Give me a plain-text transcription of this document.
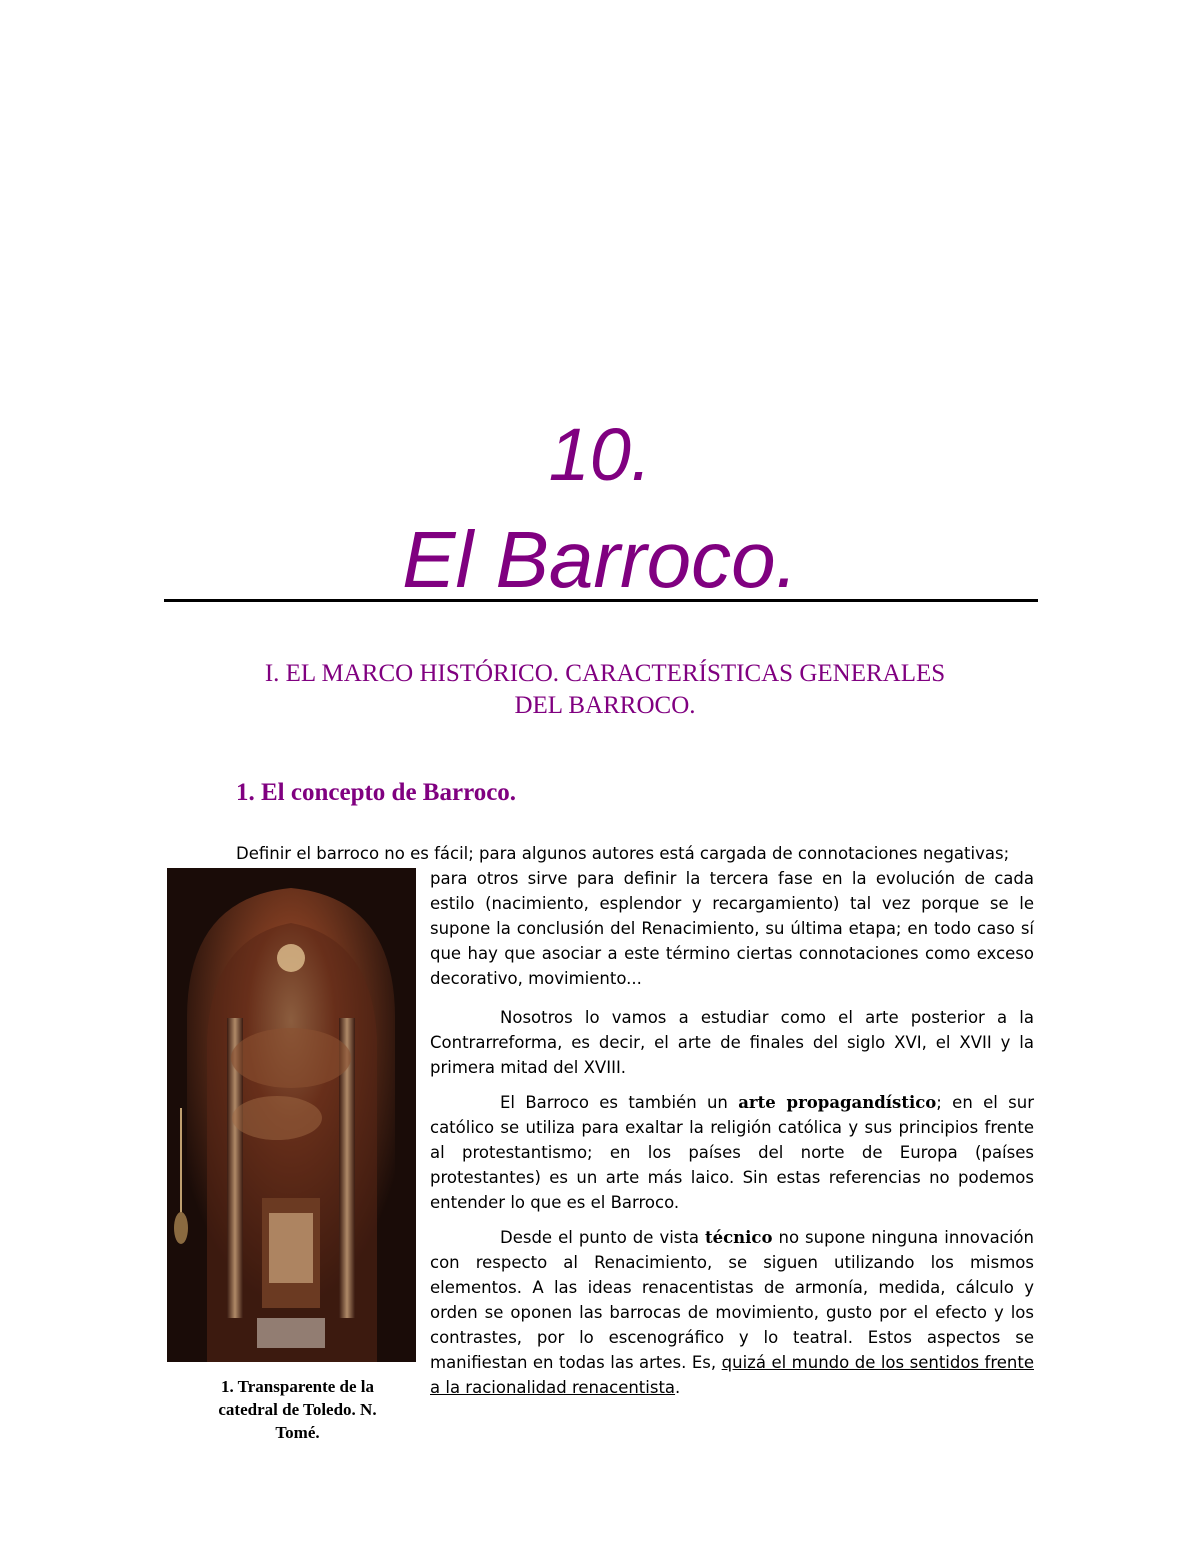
10.
El Barroco.
I. EL MARCO HISTÓRICO. CARACTERÍSTICAS GENERALES
DEL BARROCO.
1. El concepto de Barroco.
Definir el barroco no es fácil; para algunos autores está cargada de connotaciones negativas;
1. Transparente de la
catedral de Toledo. N.
Tomé.

para otros sirve para definir la tercera fase en la evolución de cada estilo (nacimiento, esplendor y recargamiento) tal vez porque se le supone la conclusión del Renacimiento, su última etapa; en todo caso sí que hay que asociar a este término ciertas connotaciones como exceso decorativo, movimiento...

Nosotros lo vamos a estudiar como el arte posterior a la Contrarreforma, es decir, el arte de finales del siglo XVI, el XVII y la primera mitad del XVIII.

El Barroco es también un arte propagandístico; en el sur católico se utiliza para exaltar la religión católica y sus principios frente al protestantismo; en los países del norte de Europa (países protestantes) es un arte más laico. Sin estas referencias no podemos entender lo que es el Barroco.

Desde el punto de vista técnico no supone ninguna innovación con respecto al Renacimiento, se siguen utilizando los mismos elementos. A las ideas renacentistas de armonía, medida, cálculo y orden se oponen las barrocas de movimiento, gusto por el efecto y los contrastes, por lo escenográfico y lo teatral. Estos aspectos se manifiestan en todas las artes. Es, quizá el mundo de los sentidos frente a la racionalidad renacentista.
